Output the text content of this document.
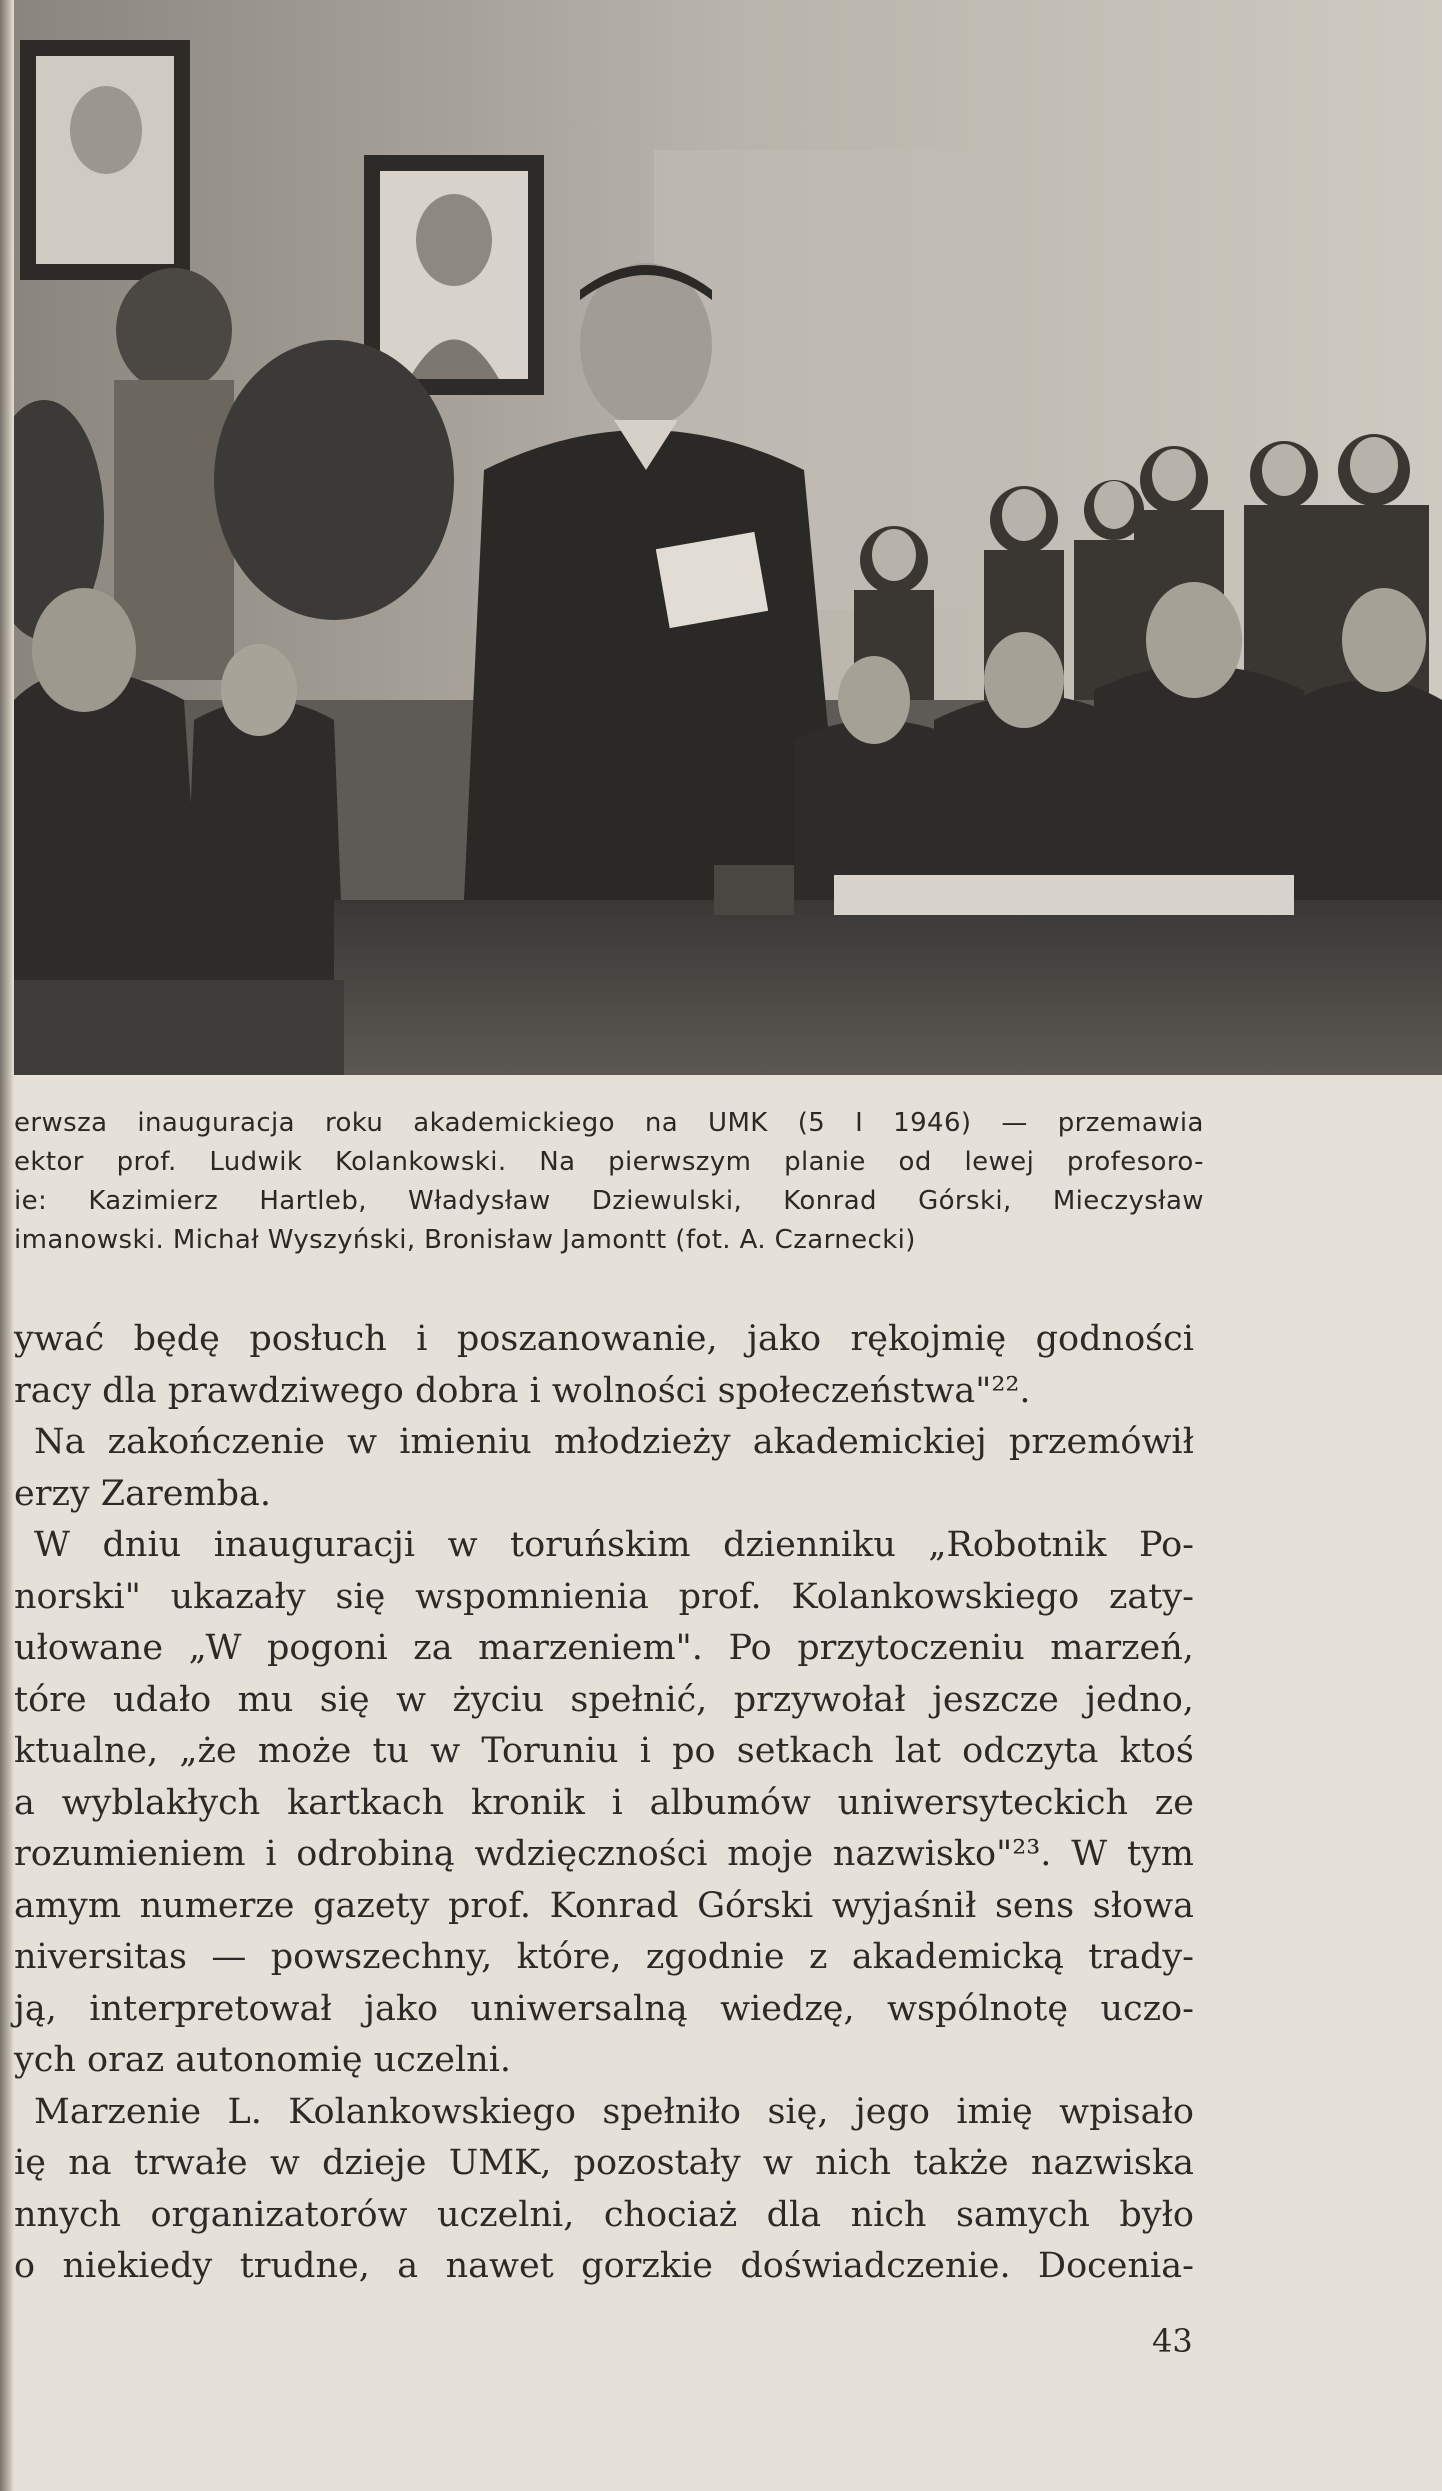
erwsza inauguracja roku akademickiego na UMK (5 I 1946) — przemawia
ektor prof. Ludwik Kolankowski. Na pierwszym planie od lewej profesoro-
ie: Kazimierz Hartleb, Władysław Dziewulski, Konrad Górski, Mieczysław
imanowski. Michał Wyszyński, Bronisław Jamontt (fot. A. Czarnecki)
ywać będę posłuch i poszanowanie, jako rękojmię godności
racy dla prawdziwego dobra i wolności społeczeństwa"²².
Na zakończenie w imieniu młodzieży akademickiej przemówił
erzy Zaremba.
W dniu inauguracji w toruńskim dzienniku „Robotnik Po-
norski" ukazały się wspomnienia prof. Kolankowskiego zaty-
ułowane „W pogoni za marzeniem". Po przytoczeniu marzeń,
tóre udało mu się w życiu spełnić, przywołał jeszcze jedno,
ktualne, „że może tu w Toruniu i po setkach lat odczyta ktoś
a wyblakłych kartkach kronik i albumów uniwersyteckich ze
rozumieniem i odrobiną wdzięczności moje nazwisko"²³. W tym
amym numerze gazety prof. Konrad Górski wyjaśnił sens słowa
niversitas — powszechny, które, zgodnie z akademicką trady-
ją, interpretował jako uniwersalną wiedzę, wspólnotę uczo-
ych oraz autonomię uczelni.
Marzenie L. Kolankowskiego spełniło się, jego imię wpisało
ię na trwałe w dzieje UMK, pozostały w nich także nazwiska
nnych organizatorów uczelni, chociaż dla nich samych było
o niekiedy trudne, a nawet gorzkie doświadczenie. Docenia-
43
